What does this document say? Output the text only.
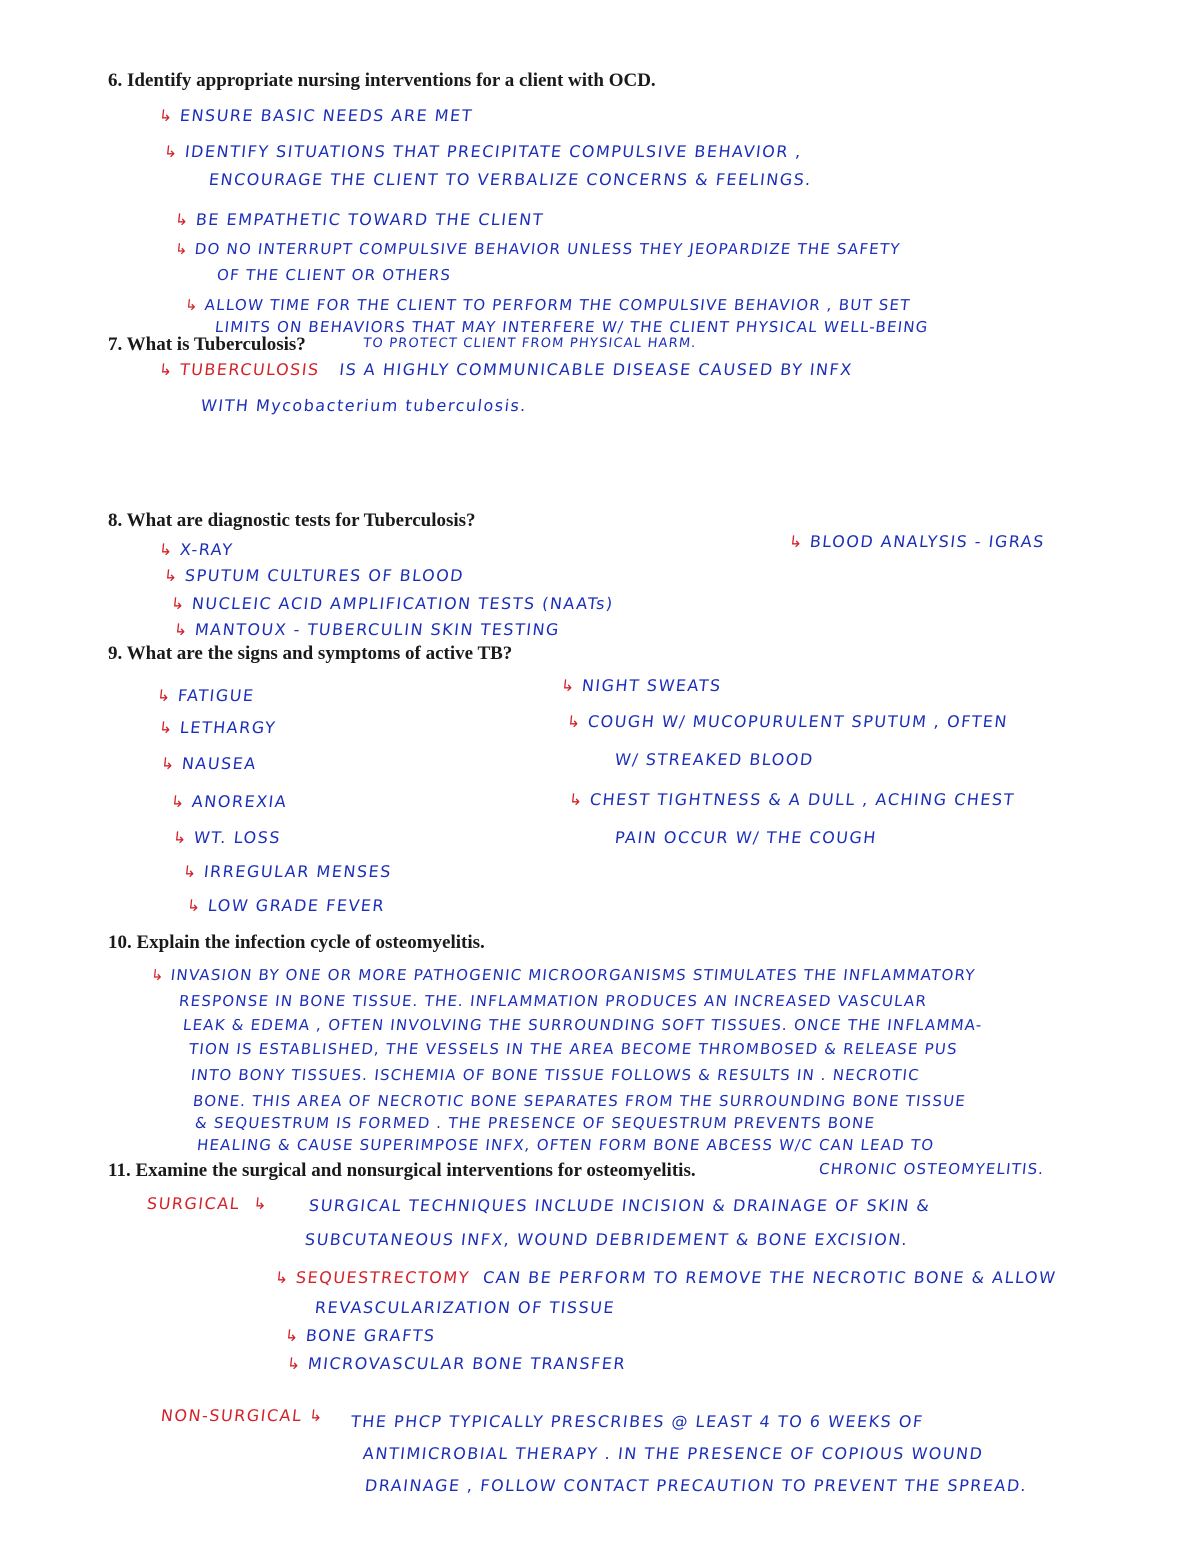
6. Identify appropriate nursing interventions for a client with OCD.
↳ ENSURE BASIC NEEDS ARE MET
↳ IDENTIFY SITUATIONS THAT PRECIPITATE COMPULSIVE BEHAVIOR ,
ENCOURAGE THE CLIENT TO VERBALIZE CONCERNS & FEELINGS.
↳ BE EMPATHETIC TOWARD THE CLIENT
↳ DO NO INTERRUPT COMPULSIVE BEHAVIOR UNLESS THEY JEOPARDIZE THE SAFETY
OF THE CLIENT OR OTHERS
↳ ALLOW TIME FOR THE CLIENT TO PERFORM THE COMPULSIVE BEHAVIOR , BUT SET
LIMITS ON BEHAVIORS THAT MAY INTERFERE W/ THE CLIENT PHYSICAL WELL-BEING
7. What is Tuberculosis?	TO PROTECT CLIENT FROM PHYSICAL HARM.
↳ TUBERCULOSIS IS A HIGHLY COMMUNICABLE DISEASE CAUSED BY INFX
WITH Mycobacterium tuberculosis.
8. What are diagnostic tests for Tuberculosis?
↳ X-RAY	↳ BLOOD ANALYSIS - IGRAS
↳ SPUTUM CULTURES OF BLOOD
↳ NUCLEIC ACID AMPLIFICATION TESTS (NAATs)
↳ MANTOUX - TUBERCULIN SKIN TESTING
9. What are the signs and symptoms of active TB?
↳ FATIGUE
↳ LETHARGY
↳ NAUSEA
↳ ANOREXIA
↳ WT. LOSS
↳ IRREGULAR MENSES
↳ LOW GRADE FEVER
↳ NIGHT SWEATS
↳ COUGH W/ MUCOPURULENT SPUTUM , OFTEN
W/ STREAKED BLOOD
↳ CHEST TIGHTNESS & A DULL , ACHING CHEST
PAIN OCCUR W/ THE COUGH
10. Explain the infection cycle of osteomyelitis.
↳ INVASION BY ONE OR MORE PATHOGENIC MICROORGANISMS STIMULATES THE INFLAMMATORY
RESPONSE IN BONE TISSUE. THE. INFLAMMATION PRODUCES AN INCREASED VASCULAR
LEAK & EDEMA , OFTEN INVOLVING THE SURROUNDING SOFT TISSUES. ONCE THE INFLAMMA-
TION IS ESTABLISHED, THE VESSELS IN THE AREA BECOME THROMBOSED & RELEASE PUS
INTO BONY TISSUES. ISCHEMIA OF BONE TISSUE FOLLOWS & RESULTS IN . NECROTIC
BONE. THIS AREA OF NECROTIC BONE SEPARATES FROM THE SURROUNDING BONE TISSUE
& SEQUESTRUM IS FORMED . THE PRESENCE OF SEQUESTRUM PREVENTS BONE
HEALING & CAUSE SUPERIMPOSE INFX, OFTEN FORM BONE ABCESS W/C CAN LEAD TO
11. Examine the surgical and nonsurgical interventions for osteomyelitis.	CHRONIC OSTEOMYELITIS.
SURGICAL ↳	SURGICAL TECHNIQUES INCLUDE INCISION & DRAINAGE OF SKIN &
SUBCUTANEOUS INFX, WOUND DEBRIDEMENT & BONE EXCISION.
↳ SEQUESTRECTOMY CAN BE PERFORM TO REMOVE THE NECROTIC BONE & ALLOW
REVASCULARIZATION OF TISSUE
↳ BONE GRAFTS
↳ MICROVASCULAR BONE TRANSFER
NON-SURGICAL ↳	THE PHCP TYPICALLY PRESCRIBES @ LEAST 4 TO 6 WEEKS OF
ANTIMICROBIAL THERAPY . IN THE PRESENCE OF COPIOUS WOUND
DRAINAGE , FOLLOW CONTACT PRECAUTION TO PREVENT THE SPREAD.
